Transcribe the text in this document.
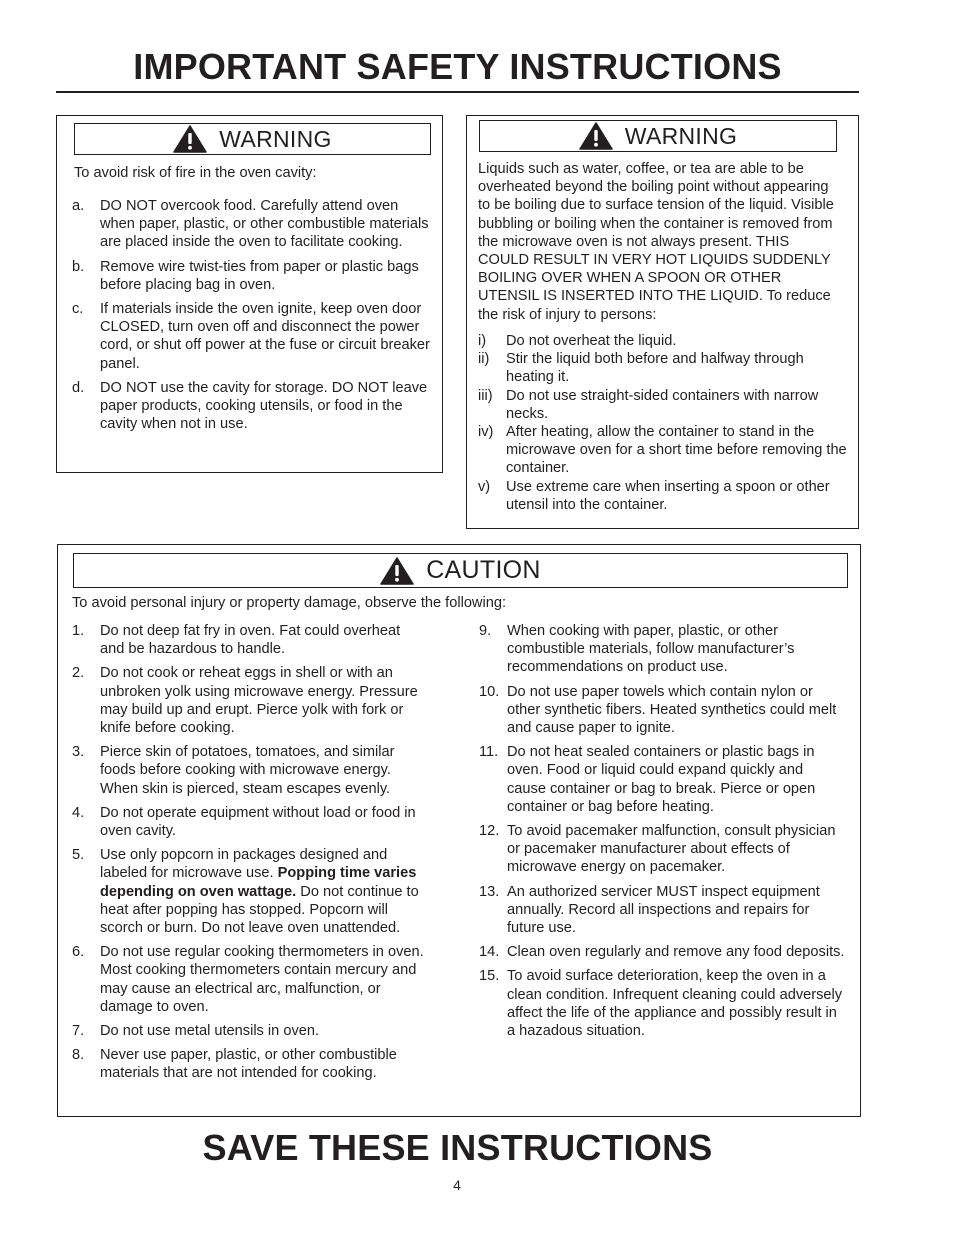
IMPORTANT SAFETY INSTRUCTIONS
WARNING
To avoid risk of fire in the oven cavity:
a.	DO NOT overcook food. Carefully attend oven when paper, plastic, or other combustible materials are placed inside the oven to facilitate cooking.
b.	Remove wire twist-ties from paper or plastic bags before placing bag in oven.
c.	If materials inside the oven ignite, keep oven door CLOSED, turn oven off and disconnect the power cord, or shut off power at the fuse or circuit breaker panel.
d.	DO NOT use the cavity for storage. DO NOT leave paper products, cooking utensils, or food in the cavity when not in use.
WARNING
Liquids such as water, coffee, or tea are able to be overheated beyond the boiling point without appearing to be boiling due to surface tension of the liquid. Visible bubbling or boiling when the container is removed from the microwave oven is not always present. THIS COULD RESULT IN VERY HOT LIQUIDS SUDDENLY BOILING OVER WHEN A SPOON OR OTHER UTENSIL IS INSERTED INTO THE LIQUID. To reduce the risk of injury to persons:
i)	Do not overheat the liquid.
ii)	Stir the liquid both before and halfway through heating it.
iii) Do not use straight-sided containers with narrow necks.
iv) After heating, allow the container to stand in the microwave oven for a short time before removing the container.
v)	Use extreme care when inserting a spoon or other utensil into the container.
CAUTION
To avoid personal injury or property damage, observe the following:
1.	Do not deep fat fry in oven. Fat could overheat and be hazardous to handle.
2.	Do not cook or reheat eggs in shell or with an unbroken yolk using microwave energy. Pressure may build up and erupt. Pierce yolk with fork or knife before cooking.
3.	Pierce skin of potatoes, tomatoes, and similar foods before cooking with microwave energy. When skin is pierced, steam escapes evenly.
4.	Do not operate equipment without load or food in oven cavity.
5.	Use only popcorn in packages designed and labeled for microwave use. Popping time varies depending on oven wattage. Do not continue to heat after popping has stopped. Popcorn will scorch or burn. Do not leave oven unattended.
6.	Do not use regular cooking thermometers in oven. Most cooking thermometers contain mercury and may cause an electrical arc, malfunction, or damage to oven.
7.	Do not use metal utensils in oven.
8.	Never use paper, plastic, or other combustible materials that are not intended for cooking.
9.	When cooking with paper, plastic, or other combustible materials, follow manufacturer’s recommendations on product use.
10. Do not use paper towels which contain nylon or other synthetic fibers. Heated synthetics could melt and cause paper to ignite.
11. Do not heat sealed containers or plastic bags in oven. Food or liquid could expand quickly and cause container or bag to break. Pierce or open container or bag before heating.
12. To avoid pacemaker malfunction, consult physician or pacemaker manufacturer about effects of microwave energy on pacemaker.
13. An authorized servicer MUST inspect equipment annually. Record all inspections and repairs for future use.
14. Clean oven regularly and remove any food deposits.
15. To avoid surface deterioration, keep the oven in a clean condition. Infrequent cleaning could adversely affect the life of the appliance and possibly result in a hazadous situation.
SAVE THESE INSTRUCTIONS
4
